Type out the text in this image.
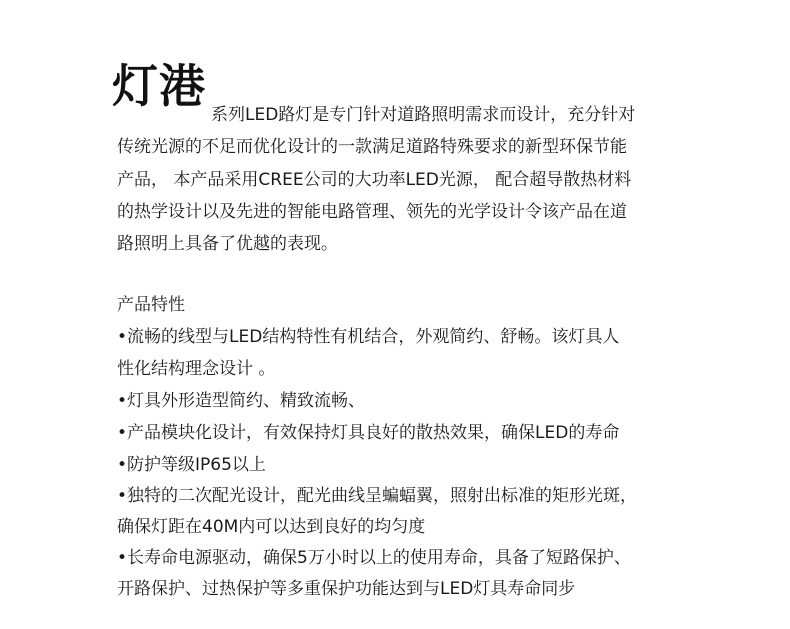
灯港

系列LED路灯是专门针对道路照明需求而设计，充分针对

传统光源的不足而优化设计的一款满足道路特殊要求的新型环保节能

产品， 本产品采用CREE公司的大功率LED光源， 配合超导散热材料

的热学设计以及先进的智能电路管理、领先的光学设计令该产品在道

路照明上具备了优越的表现。

产品特性

•流畅的线型与LED结构特性有机结合，外观简约、舒畅。该灯具人

性化结构理念设计 。

•灯具外形造型简约、精致流畅、

•产品模块化设计，有效保持灯具良好的散热效果，确保LED的寿命

•防护等级IP65以上

•独特的二次配光设计，配光曲线呈蝙蝠翼，照射出标准的矩形光斑，

确保灯距在40M内可以达到良好的均匀度

•长寿命电源驱动，确保5万小时以上的使用寿命，具备了短路保护、

开路保护、过热保护等多重保护功能达到与LED灯具寿命同步
